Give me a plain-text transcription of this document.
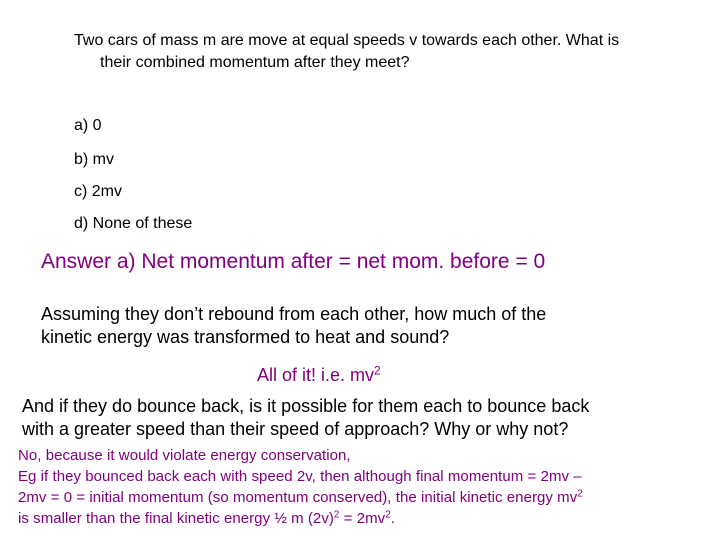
Two cars of mass m are move at equal speeds v towards each other. What is
their combined momentum after they meet?
a) 0
b) mv
c) 2mv
d) None of these
Answer a) Net momentum after = net mom. before = 0
Assuming they don’t rebound from each other, how much of the
kinetic energy was transformed to heat and sound?
All of it! i.e. $mv^2$
And if they do bounce back, is it possible for them each to bounce back
with a greater speed than their speed of approach? Why or why not?
No, because it would violate energy conservation,
Eg if they bounced back each with speed 2v, then although final momentum = 2mv –
2mv = 0 = initial momentum (so momentum conserved), the initial kinetic energy $mv^2$
is smaller than the final kinetic energy ½ m $(2v)^2 = 2mv^2$.
